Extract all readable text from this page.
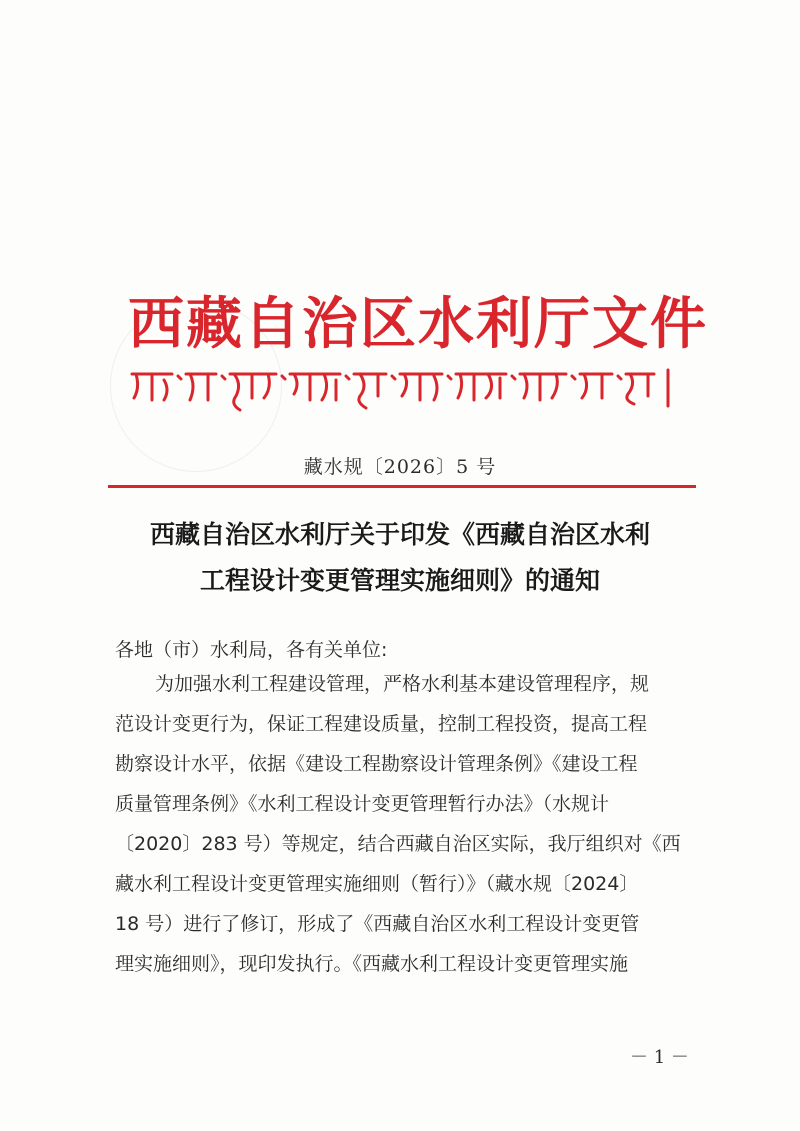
西藏自治区水利厅文件
藏水规〔2026〕5 号
西藏自治区水利厅关于印发《西藏自治区水利
工程设计变更管理实施细则》的通知
各地（市）水利局，各有关单位:
为加强水利工程建设管理，严格水利基本建设管理程序，规
范设计变更行为，保证工程建设质量，控制工程投资，提高工程
勘察设计水平，依据《建设工程勘察设计管理条例》《建设工程
质量管理条例》《水利工程设计变更管理暂行办法》（水规计
〔2020〕283 号）等规定，结合西藏自治区实际，我厅组织对《西
藏水利工程设计变更管理实施细则（暂行）》（藏水规〔2024〕
18 号）进行了修订，形成了《西藏自治区水利工程设计变更管
理实施细则》，现印发执行。《西藏水利工程设计变更管理实施
－ 1 －
